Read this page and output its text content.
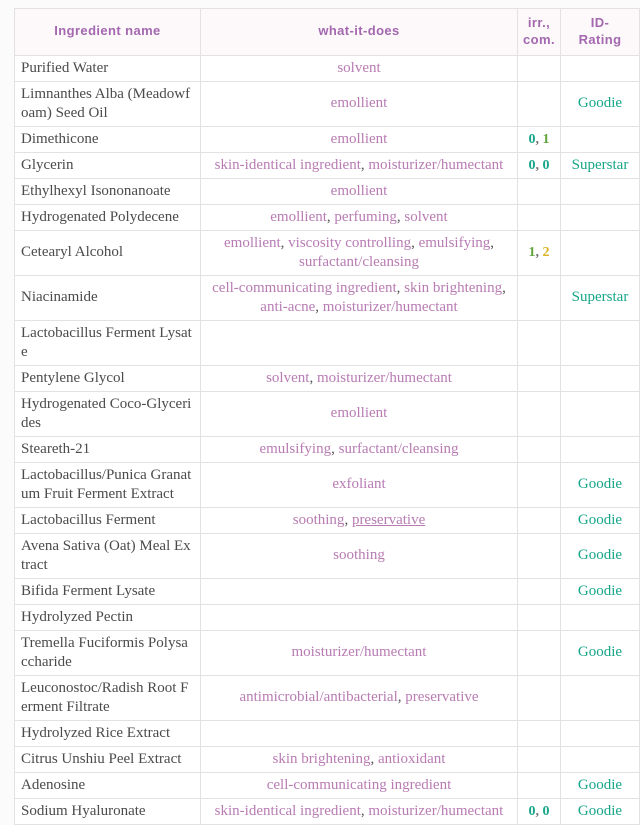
Ingredient name	what-it-does	irr., com.	ID-Rating
Purified Water	solvent		
Limnanthes Alba (Meadowfoam) Seed Oil	emollient		Goodie
Dimethicone	emollient	0, 1	
Glycerin	skin-identical ingredient, moisturizer/humectant	0, 0	Superstar
Ethylhexyl Isononanoate	emollient		
Hydrogenated Polydecene	emollient, perfuming, solvent		
Cetearyl Alcohol	emollient, viscosity controlling, emulsifying, surfactant/cleansing	1, 2	
Niacinamide	cell-communicating ingredient, skin brightening, anti-acne, moisturizer/humectant		Superstar
Lactobacillus Ferment Lysate			
Pentylene Glycol	solvent, moisturizer/humectant		
Hydrogenated Coco-Glycerides	emollient		
Steareth-21	emulsifying, surfactant/cleansing		
Lactobacillus/Punica Granatum Fruit Ferment Extract	exfoliant		Goodie
Lactobacillus Ferment	soothing, preservative		Goodie
Avena Sativa (Oat) Meal Extract	soothing		Goodie
Bifida Ferment Lysate			Goodie
Hydrolyzed Pectin			
Tremella Fuciformis Polysaccharide	moisturizer/humectant		Goodie
Leuconostoc/Radish Root Ferment Filtrate	antimicrobial/antibacterial, preservative		
Hydrolyzed Rice Extract			
Citrus Unshiu Peel Extract	skin brightening, antioxidant		
Adenosine	cell-communicating ingredient		Goodie
Sodium Hyaluronate	skin-identical ingredient, moisturizer/humectant	0, 0	Goodie
